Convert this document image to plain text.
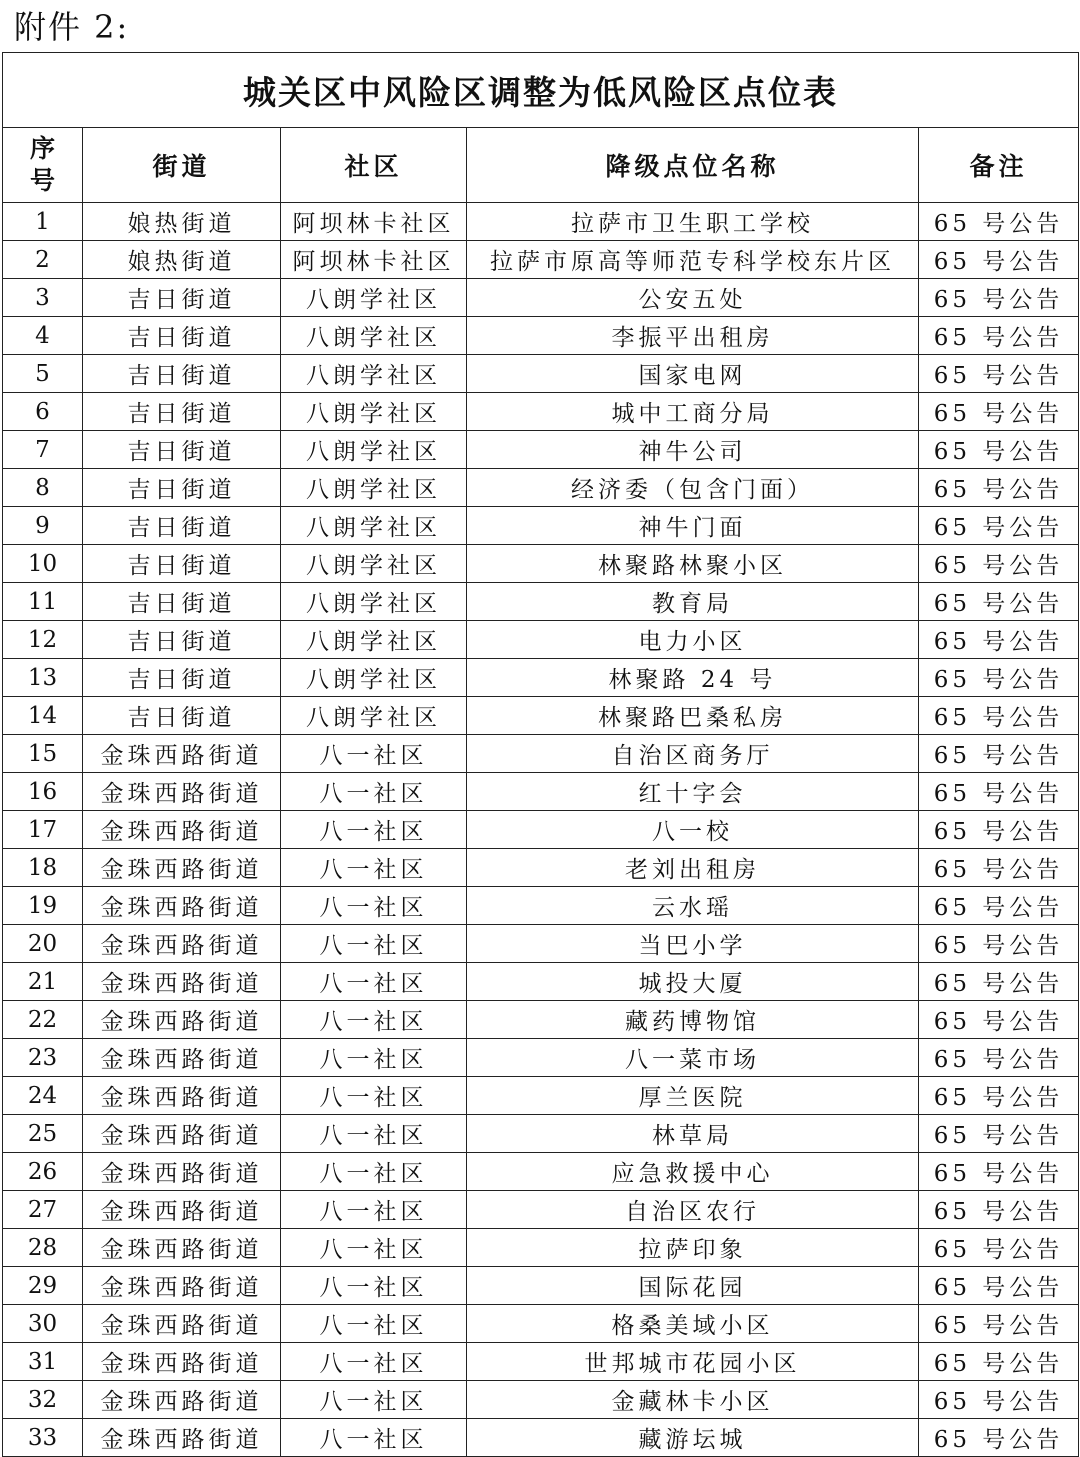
附件 2:
城关区中风险区调整为低风险区点位表				
序号	街道	社区	降级点位名称	备注
1	娘热街道	阿坝林卡社区	拉萨市卫生职工学校	65 号公告
2	娘热街道	阿坝林卡社区	拉萨市原高等师范专科学校东片区	65 号公告
3	吉日街道	八朗学社区	公安五处	65 号公告
4	吉日街道	八朗学社区	李振平出租房	65 号公告
5	吉日街道	八朗学社区	国家电网	65 号公告
6	吉日街道	八朗学社区	城中工商分局	65 号公告
7	吉日街道	八朗学社区	神牛公司	65 号公告
8	吉日街道	八朗学社区	经济委（包含门面）	65 号公告
9	吉日街道	八朗学社区	神牛门面	65 号公告
10	吉日街道	八朗学社区	林聚路林聚小区	65 号公告
11	吉日街道	八朗学社区	教育局	65 号公告
12	吉日街道	八朗学社区	电力小区	65 号公告
13	吉日街道	八朗学社区	林聚路 24 号	65 号公告
14	吉日街道	八朗学社区	林聚路巴桑私房	65 号公告
15	金珠西路街道	八一社区	自治区商务厅	65 号公告
16	金珠西路街道	八一社区	红十字会	65 号公告
17	金珠西路街道	八一社区	八一校	65 号公告
18	金珠西路街道	八一社区	老刘出租房	65 号公告
19	金珠西路街道	八一社区	云水瑶	65 号公告
20	金珠西路街道	八一社区	当巴小学	65 号公告
21	金珠西路街道	八一社区	城投大厦	65 号公告
22	金珠西路街道	八一社区	藏药博物馆	65 号公告
23	金珠西路街道	八一社区	八一菜市场	65 号公告
24	金珠西路街道	八一社区	厚兰医院	65 号公告
25	金珠西路街道	八一社区	林草局	65 号公告
26	金珠西路街道	八一社区	应急救援中心	65 号公告
27	金珠西路街道	八一社区	自治区农行	65 号公告
28	金珠西路街道	八一社区	拉萨印象	65 号公告
29	金珠西路街道	八一社区	国际花园	65 号公告
30	金珠西路街道	八一社区	格桑美域小区	65 号公告
31	金珠西路街道	八一社区	世邦城市花园小区	65 号公告
32	金珠西路街道	八一社区	金藏林卡小区	65 号公告
33	金珠西路街道	八一社区	藏游坛城	65 号公告
